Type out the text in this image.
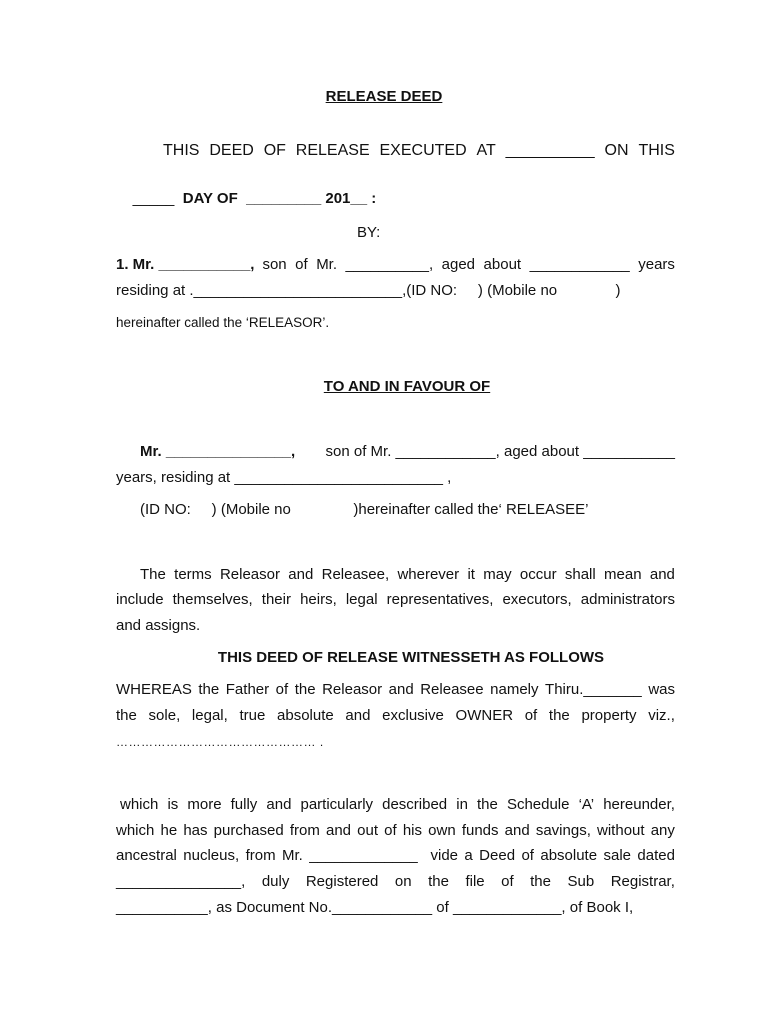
RELEASE DEED
THIS DEED OF RELEASE EXECUTED AT __________ ON THIS

_____ DAY OF _________ 201__ :

BY:
1. Mr. ___________, son of Mr. __________, aged about ____________ years
residing at ._________________________,(ID NO:     ) (Mobile no              )
hereinafter called the ‘RELEASOR’.
TO AND IN FAVOUR OF
Mr. _______________, son of Mr. ____________, aged about ___________
years, residing at _________________________ ,
(ID NO:     ) (Mobile no               )hereinafter called the‘ RELEASEE’
The terms Releasor and Releasee, wherever it may occur shall mean and
include themselves, their heirs, legal representatives, executors, administrators
and assigns.
THIS DEED OF RELEASE WITNESSETH AS FOLLOWS
WHEREAS the Father of the Releasor and Releasee namely Thiru._______ was
the sole, legal, true absolute and exclusive OWNER of the property viz.,
………………………………………… .
which is more fully and particularly described in the Schedule ‘A’ hereunder,
which he has purchased from and out of his own funds and savings, without any
ancestral nucleus, from Mr. _____________ vide a Deed of absolute sale dated
_______________, duly Registered on the file of the Sub Registrar,
___________, as Document No.____________ of _____________, of Book I,
